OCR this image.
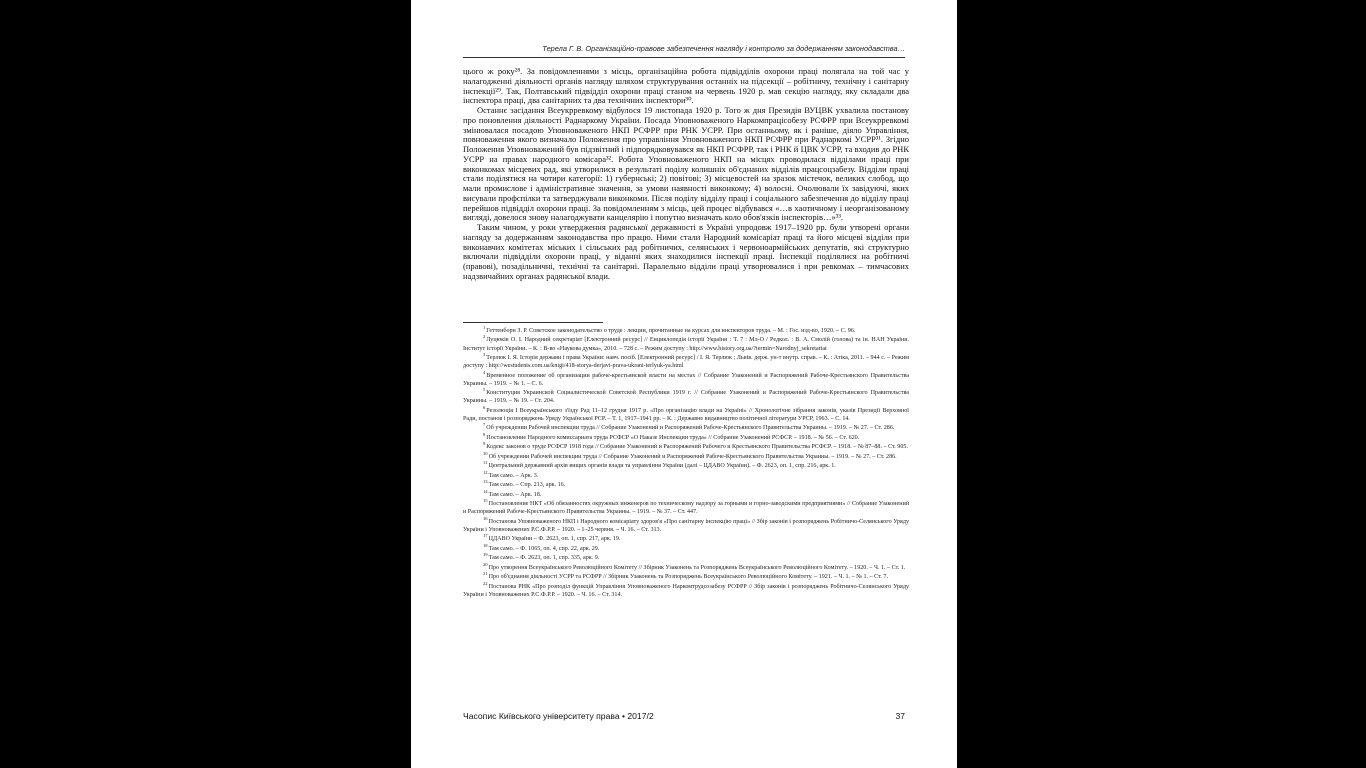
Терела Г. В. Організаційно-правове забезпечення нагляду і контролю за додержанням законодавства…

цього ж року²⁸. За повідомленнями з місць, організаційна робота підвідділів охорони праці полягала на той час у налагодженні діяльності органів нагляду шляхом структурування останніх на підсекції – робітничу, технічну і санітарну інспекції²⁹. Так, Полтавський підвідділ охорони праці станом на червень 1920 р. мав секцію нагляду, яку складали два інспектора праці, два санітарних та два технічних інспектори³⁰.

Останнє засідання Всеукрревкому відбулося 19 листопада 1920 р. Того ж дня Президія ВУЦВК ухвалила постанову про поновлення діяльності Раднаркому України. Посада Уповноваженого Наркомпрацісобезу РСФРР при Всеукрревкомі змінювалася посадою Уповноваженого НКП РСФРР при РНК УСРР. При останньому, як і раніше, діяло Управління, повноваження якого визначало Положення про управління Уповноваженого НКП РСФРР при Раднаркомі УСРР³¹. Згідно Положення Уповноважений був підзвітний і підпорядковувався як НКП РСФРР, так і РНК й ЦВК УСРР, та входив до РНК УСРР на правах народного комісара³². Робота Уповноваженого НКП на місцях проводилася відділами праці при виконкомах місцевих рад, які утворилися в результаті поділу колишніх об'єднаних відділів працсоцзабезу. Відділи праці стали поділятися на чотири категорії: 1) губернські; 2) повітові; 3) місцевостей на зразок містечок, великих слобод, що мали промислове і адміністративне значення, за умови наявності виконкому; 4) волосні. Очолювали їх завідуючі, яких висували профспілки та затверджували виконкоми. Після поділу відділу праці і соціального забезпечення до відділу праці перейшов підвідділ охорони праці. За повідомленням з місць, цей процес відбувався «…в хаотичному і неорганізованому вигляді, довелося знову налагоджувати канцелярію і попутно визначать коло обов'язків інспекторів…»³³.

Таким чином, у роки утвердження радянської державності в Україні упродовж 1917–1920 рр. були утворені органи нагляду за додержанням законодавства про працю. Ними стали Народний комісаріат праці та його місцеві відділи при виконавчих комітетах міських і сільських рад робітничих, селянських і червоноармійських депутатів, які структурно включали підвідділи охорони праці, у віданні яких знаходилися інспекції праці. Інспекції поділялися на робітничі (правові), позадільничні, технічні та санітарні. Паралельно відділи праці утворювалися і при ревкомах – тимчасових надзвичайних органах радянської влади.

$^1$Геттенборн З. Р. Советское законодательство о труде : лекции, прочитанные на курсах для инспекторов труда. – М. : Гос. изд-во, 1920. – С. 96.

$^2$Луцюків О. І. Народний секретаріат [Електронний ресурс] // Енциклопедія історії України : Т. 7 : Мл-О / Редкол. : В. А. Смолій (голова) та ін. НАН України. Інститут історії України. – К. : В-во «Наукова думка», 2010. – 728 с. – Режим доступу : http://www.history.org.ua/?termin=Narodnyj_sekretariat

$^3$Терлюк І. Я. Історія держави і права України: навч. посіб. [Електронний ресурс] / І. Я. Терлюк ; Львів. держ. ун-т внутр. справ. – К. : Атіка, 2011. – 944 с. – Режим доступу : http://westudents.com.ua/knigi/418-storya-derjavi-prava-ukrani-terlyuk-ya.html

$^4$Временное положение об организации рабоче-крестьянской власти на местах // Собрание Узаконений и Распоряжений Рабоче-Крестьянского Правительства Украины. – 1919. – № 1. – С. 6.

$^5$Конституция Украинской Социалистической Советской Республики 1919 г. // Собрание Узаконений и Распоряжений Рабоче-Крестьянского Правительства Украины. – 1919. – № 19. – Ст. 204.

$^6$Резолюція I Всеукраїнського з'їзду Рад 11–12 грудня 1917 р. «Про організацію влади на Україні» // Хронологічне зібрання законів, указів Президії Верховної Ради, постанов і розпоряджень Уряду Української РСР. – Т. 1, 1917–1941 рр. – К. : Державне видавництво політичної літератури УРСР, 1963. – С. 14.

$^7$Об учреждении Рабочей инспекции труда // Собрание Узаконений и Распоряжений Рабоче-Крестьянского Правительства Украины. – 1919. – № 27. – Ст. 286.

$^8$Постановление Народного комиссариата труда РСФСР «О Наказе Инспекции труда» // Собрание Узаконений РСФСР. – 1918. – № 56. – Ст. 620.

$^9$Кодекс законов о труде РСФСР 1918 года // Собрание Узаконений и Распоряжений Рабочего и Крестьянского Правительства РСФСР. – 1918. – № 87–88. – Ст. 905.

$^{10}$Об учреждении Рабочей инспекции труда // Собрание Узаконений и Распоряжений Рабоче-Крестьянского Правительства Украины. – 1919. – № 27. – Ст. 286.

$^{11}$Центральний державний архів вищих органів влади та управління України (далі – ЦДАВО України). – Ф. 2623, оп. 1, спр. 216, арк. 1.

$^{12}$Там само. – Арк. 3.

$^{13}$Там само. – Спр. 213, арк. 16.

$^{14}$Там само. – Арк. 18.

$^{15}$Постановление НКТ «Об обязанностях окружных инженеров по техническому надзору за горными и горно-заводскими предприятиями» // Собрание Узаконений и Распоряжений Рабоче-Крестьянского Правительства Украины. – 1919. – № 37. – Ст. 447.

$^{16}$Постанова Уповноваженого НКП і Народного комісаріату здоров'я «Про санітарну інспекцію праці» // Збір законів і розпоряджень Робітничо-Селянського Уряду України і Уповноважених Р.С.Ф.Р.Р. – 1920. – 1–25 червня. – Ч. 16. – Ст. 313.

$^{17}$ЦДАВО України – Ф. 2623, оп. 1, спр. 217, арк. 19.

$^{18}$Там само. – Ф. 1065, оп. 4, спр. 22, арк. 29.

$^{19}$Там само. – Ф. 2623, оп. 1, спр. 335, арк. 9.

$^{20}$Про утворення Всеукраїнського Революційного Комітету // Збірник Узаконень та Розпоряджень Всеукраїнського Революційного Комітету. – 1920. – Ч. 1. – Ст. 1.

$^{21}$Про об'єднання діяльності УСРР та РСФРР // Збірник Узаконень та Розпоряджень Всеукраїнського Революційного Комітету. – 1921. – Ч. 1. – № 1. – Ст. 7.

$^{22}$Постанова РНК «Про розподіл функцій Управління Уповноваженого Наркомтрудсозабезу РСФРР // Збір законів і розпоряджень Робітничо-Селянського Уряду України і Уповноважених Р.С.Ф.Р.Р. – 1920. – Ч. 16. – Ст. 314.

Часопис Київського університету права • 2017/2	37
